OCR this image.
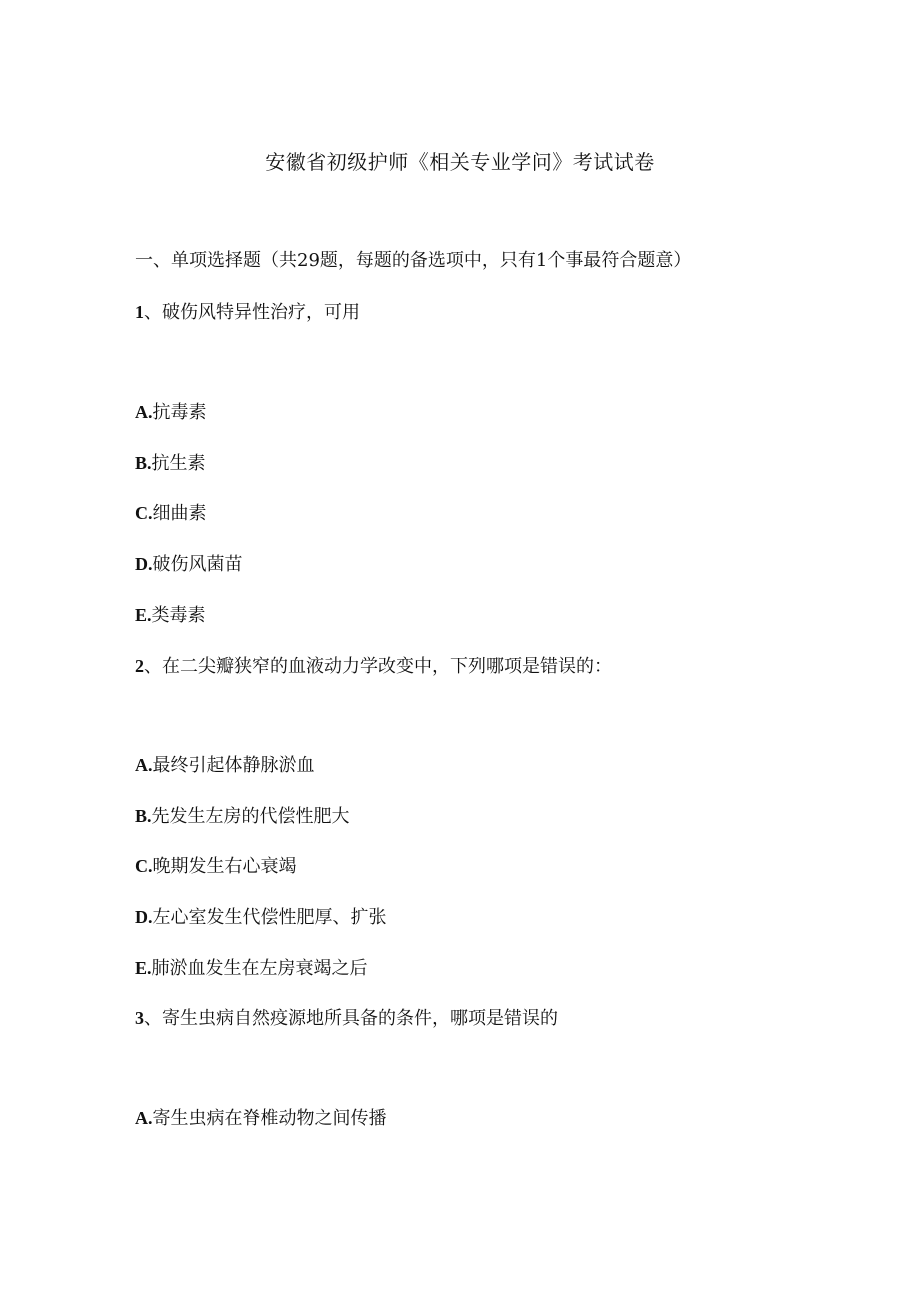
安徽省初级护师《相关专业学问》考试试卷
一、单项选择题（共29题，每题的备选项中，只有1个事最符合题意）
1、破伤风特异性治疗，可用
A.抗毒素
B.抗生素
C.细曲素
D.破伤风菌苗
E.类毒素
2、在二尖瓣狭窄的血液动力学改变中，下列哪项是错误的：
A.最终引起体静脉淤血
B.先发生左房的代偿性肥大
C.晚期发生右心衰竭
D.左心室发生代偿性肥厚、扩张
E.肺淤血发生在左房衰竭之后
3、寄生虫病自然疫源地所具备的条件，哪项是错误的
A.寄生虫病在脊椎动物之间传播
